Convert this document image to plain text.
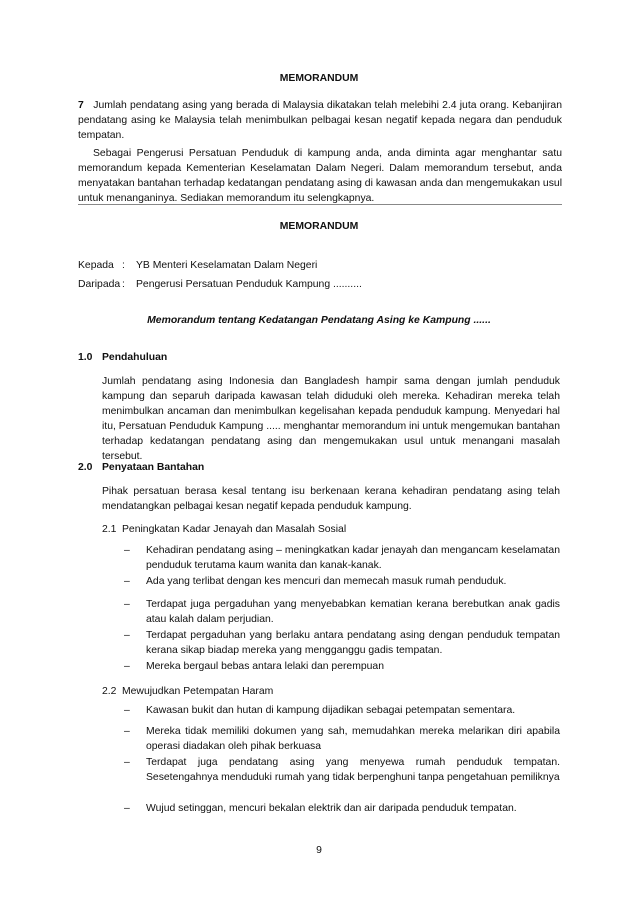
MEMORANDUM
7 Jumlah pendatang asing yang berada di Malaysia dikatakan telah melebihi 2.4 juta orang. Kebanjiran pendatang asing ke Malaysia telah menimbulkan pelbagai kesan negatif kepada negara dan penduduk tempatan.
Sebagai Pengerusi Persatuan Penduduk di kampung anda, anda diminta agar menghantar satu memorandum kepada Kementerian Keselamatan Dalam Negeri. Dalam memorandum tersebut, anda menyatakan bantahan terhadap kedatangan pendatang asing di kawasan anda dan mengemukakan usul untuk menanganinya. Sediakan memorandum itu selengkapnya.
MEMORANDUM
Kepada : YB Menteri Keselamatan Dalam Negeri
Daripada : Pengerusi Persatuan Penduduk Kampung ..........
Memorandum tentang Kedatangan Pendatang Asing ke Kampung ......
1.0 Pendahuluan
Jumlah pendatang asing Indonesia dan Bangladesh hampir sama dengan jumlah penduduk kampung dan separuh daripada kawasan telah diduduki oleh mereka. Kehadiran mereka telah menimbulkan ancaman dan menimbulkan kegelisahan kepada penduduk kampung. Menyedari hal itu, Persatuan Penduduk Kampung ..... menghantar memorandum ini untuk mengemukan bantahan terhadap kedatangan pendatang asing dan mengemukakan usul untuk menangani masalah tersebut.
2.0 Penyataan Bantahan
Pihak persatuan berasa kesal tentang isu berkenaan kerana kehadiran pendatang asing telah mendatangkan pelbagai kesan negatif kepada penduduk kampung.
2.1 Peningkatan Kadar Jenayah dan Masalah Sosial
– Kehadiran pendatang asing – meningkatkan kadar jenayah dan mengancam keselamatan penduduk terutama kaum wanita dan kanak-kanak.
– Ada yang terlibat dengan kes mencuri dan memecah masuk rumah penduduk.
– Terdapat juga pergaduhan yang menyebabkan kematian kerana berebutkan anak gadis atau kalah dalam perjudian.
– Terdapat pergaduhan yang berlaku antara pendatang asing dengan penduduk tempatan kerana sikap biadap mereka yang mengganggu gadis tempatan.
– Mereka bergaul bebas antara lelaki dan perempuan
2.2 Mewujudkan Petempatan Haram
– Kawasan bukit dan hutan di kampung dijadikan sebagai petempatan sementara.
– Mereka tidak memiliki dokumen yang sah, memudahkan mereka melarikan diri apabila operasi diadakan oleh pihak berkuasa
– Terdapat juga pendatang asing yang menyewa rumah penduduk tempatan. Sesetengahnya menduduki rumah yang tidak berpenghuni tanpa pengetahuan pemiliknya
– Wujud setinggan, mencuri bekalan elektrik dan air daripada penduduk tempatan.
9
